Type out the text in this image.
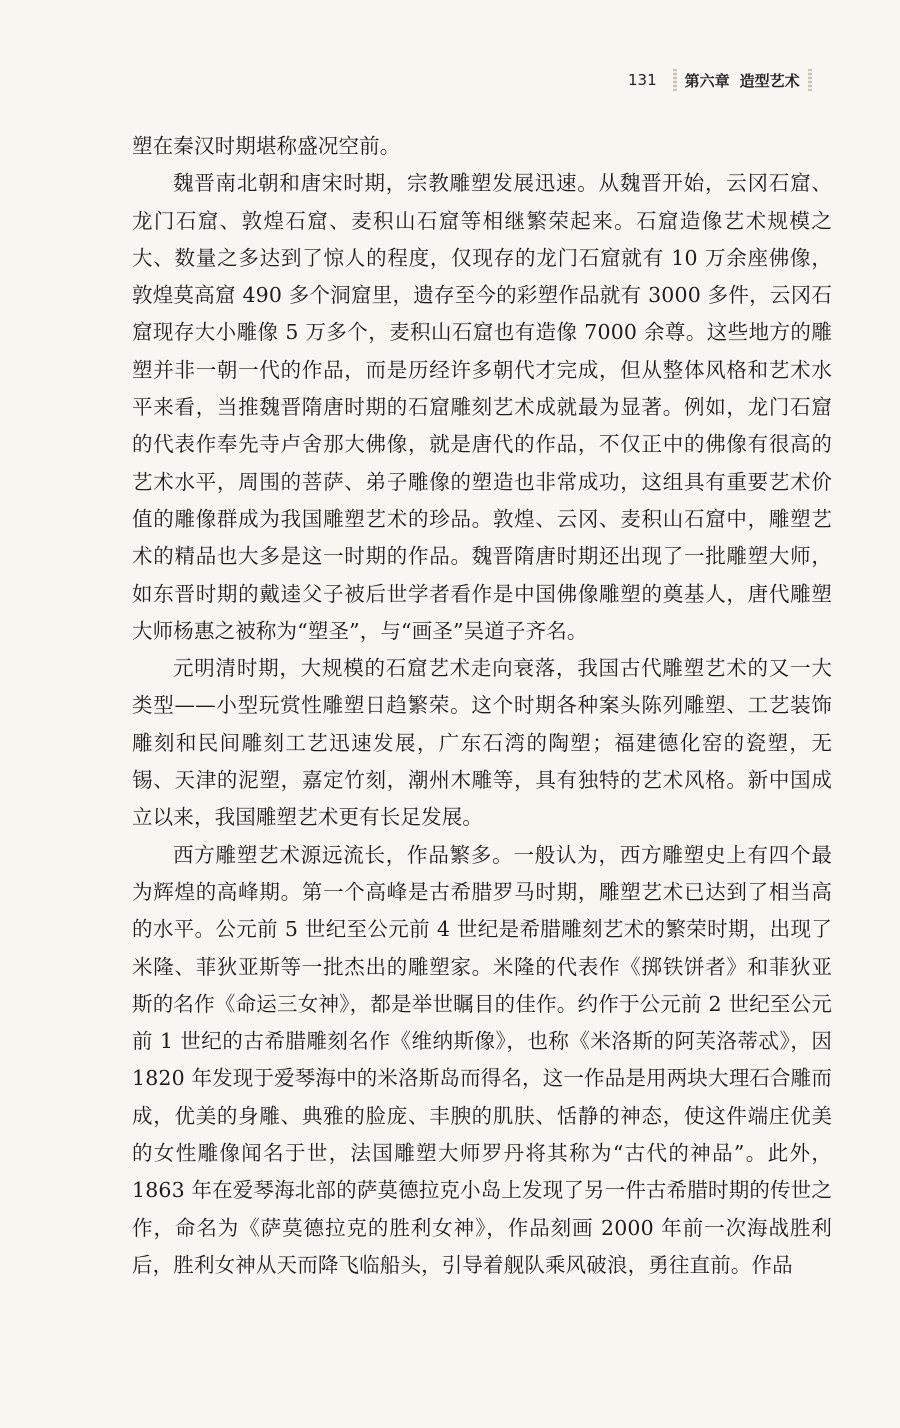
131 第六章 造型艺术

塑在秦汉时期堪称盛况空前。

魏晋南北朝和唐宋时期，宗教雕塑发展迅速。从魏晋开始，云冈石窟、龙门石窟、敦煌石窟、麦积山石窟等相继繁荣起来。石窟造像艺术规模之大、数量之多达到了惊人的程度，仅现存的龙门石窟就有 10 万余座佛像，敦煌莫高窟 490 多个洞窟里，遗存至今的彩塑作品就有 3000 多件，云冈石窟现存大小雕像 5 万多个，麦积山石窟也有造像 7000 余尊。这些地方的雕塑并非一朝一代的作品，而是历经许多朝代才完成，但从整体风格和艺术水平来看，当推魏晋隋唐时期的石窟雕刻艺术成就最为显著。例如，龙门石窟的代表作奉先寺卢舍那大佛像，就是唐代的作品，不仅正中的佛像有很高的艺术水平，周围的菩萨、弟子雕像的塑造也非常成功，这组具有重要艺术价值的雕像群成为我国雕塑艺术的珍品。敦煌、云冈、麦积山石窟中，雕塑艺术的精品也大多是这一时期的作品。魏晋隋唐时期还出现了一批雕塑大师，如东晋时期的戴逵父子被后世学者看作是中国佛像雕塑的奠基人，唐代雕塑大师杨惠之被称为“塑圣”，与“画圣”吴道子齐名。

元明清时期，大规模的石窟艺术走向衰落，我国古代雕塑艺术的又一大类型——小型玩赏性雕塑日趋繁荣。这个时期各种案头陈列雕塑、工艺装饰雕刻和民间雕刻工艺迅速发展，广东石湾的陶塑；福建德化窑的瓷塑，无锡、天津的泥塑，嘉定竹刻，潮州木雕等，具有独特的艺术风格。新中国成立以来，我国雕塑艺术更有长足发展。

西方雕塑艺术源远流长，作品繁多。一般认为，西方雕塑史上有四个最为辉煌的高峰期。第一个高峰是古希腊罗马时期，雕塑艺术已达到了相当高的水平。公元前 5 世纪至公元前 4 世纪是希腊雕刻艺术的繁荣时期，出现了米隆、菲狄亚斯等一批杰出的雕塑家。米隆的代表作《掷铁饼者》和菲狄亚斯的名作《命运三女神》，都是举世瞩目的佳作。约作于公元前 2 世纪至公元前 1 世纪的古希腊雕刻名作《维纳斯像》，也称《米洛斯的阿芙洛蒂忒》，因 1820 年发现于爱琴海中的米洛斯岛而得名，这一作品是用两块大理石合雕而成，优美的身雕、典雅的脸庞、丰腴的肌肤、恬静的神态，使这件端庄优美的女性雕像闻名于世，法国雕塑大师罗丹将其称为“古代的神品”。此外，1863 年在爱琴海北部的萨莫德拉克小岛上发现了另一件古希腊时期的传世之作，命名为《萨莫德拉克的胜利女神》，作品刻画 2000 年前一次海战胜利后，胜利女神从天而降飞临船头，引导着舰队乘风破浪，勇往直前。作品
